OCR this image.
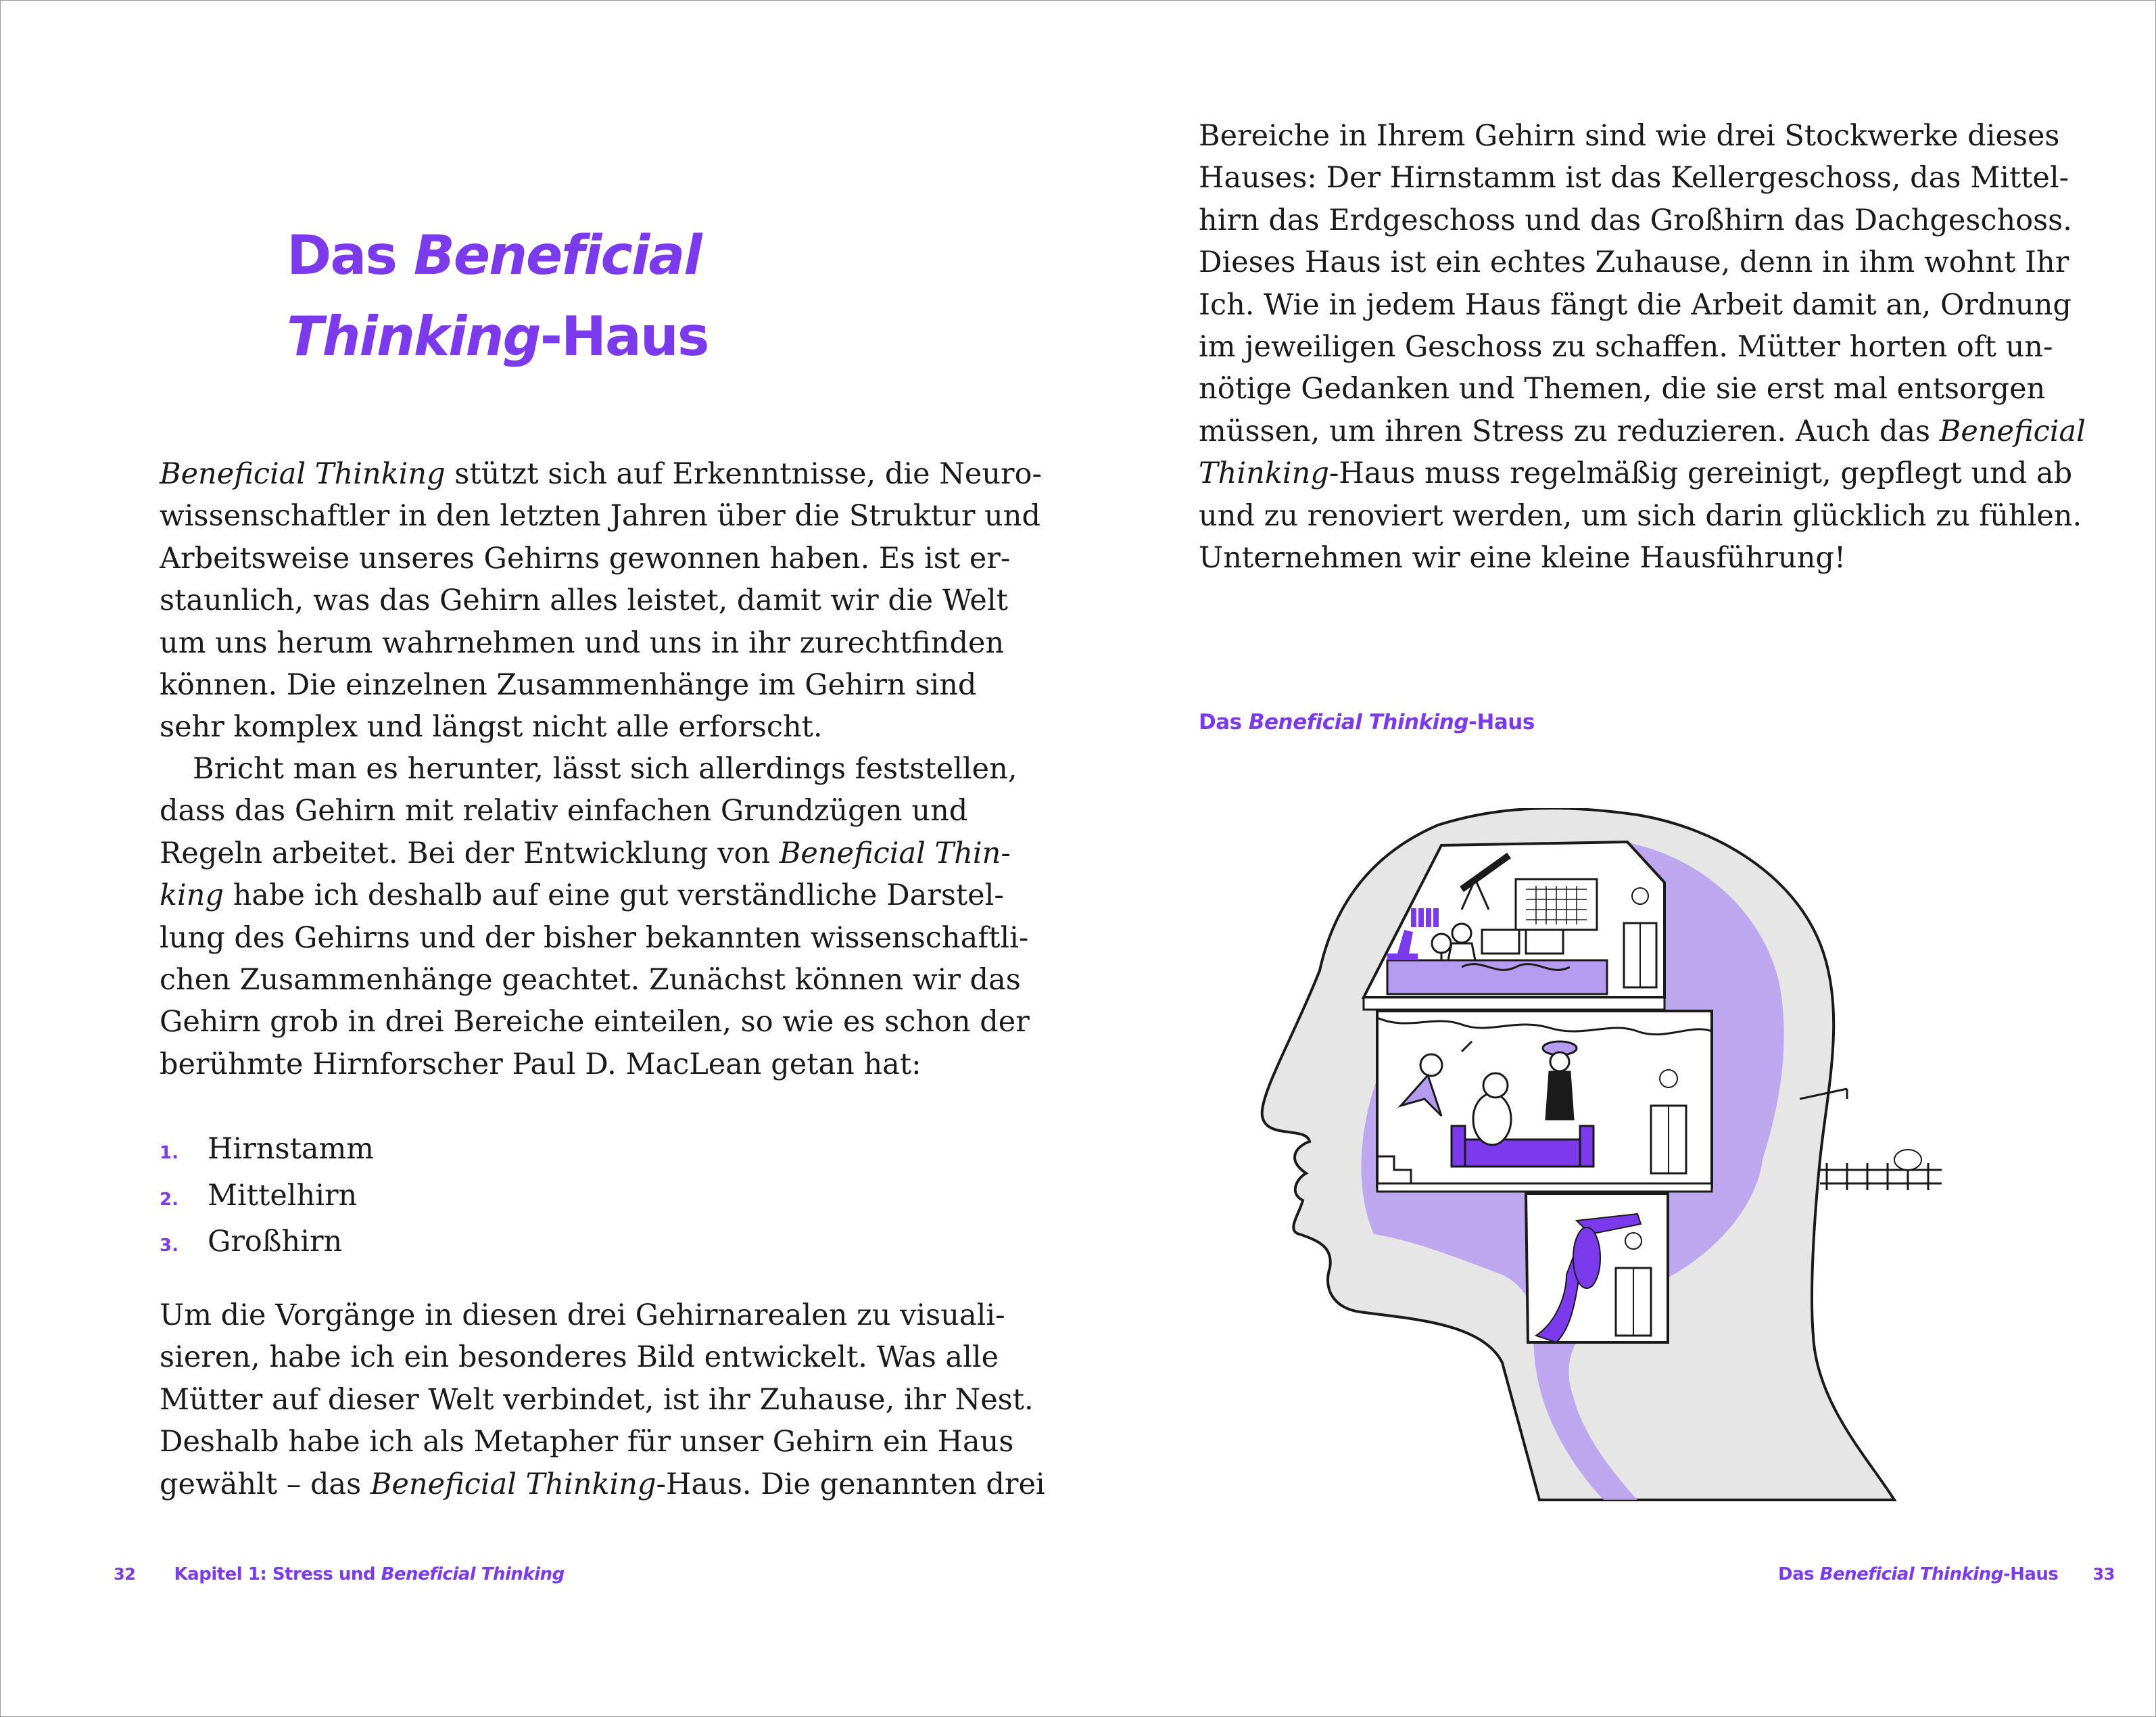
Das Beneficial
Thinking-Haus
Beneficial Thinking stützt sich auf Erkenntnisse, die Neuro-
wissenschaftler in den letzten Jahren über die Struktur und
Arbeitsweise unseres Gehirns gewonnen haben. Es ist er-
staunlich, was das Gehirn alles leistet, damit wir die Welt
um uns herum wahrnehmen und uns in ihr zurechtfinden
können. Die einzelnen Zusammenhänge im Gehirn sind
sehr komplex und längst nicht alle erforscht.
Bricht man es herunter, lässt sich allerdings feststellen,
dass das Gehirn mit relativ einfachen Grundzügen und
Regeln arbeitet. Bei der Entwicklung von Beneficial Thin-
king habe ich deshalb auf eine gut verständliche Darstel-
lung des Gehirns und der bisher bekannten wissenschaftli-
chen Zusammenhänge geachtet. Zunächst können wir das
Gehirn grob in drei Bereiche einteilen, so wie es schon der
berühmte Hirnforscher Paul D. MacLean getan hat:
1. Hirnstamm
2. Mittelhirn
3. Großhirn
Um die Vorgänge in diesen drei Gehirnarealen zu visuali-
sieren, habe ich ein besonderes Bild entwickelt. Was alle
Mütter auf dieser Welt verbindet, ist ihr Zuhause, ihr Nest.
Deshalb habe ich als Metapher für unser Gehirn ein Haus
gewählt – das Beneficial Thinking-Haus. Die genannten drei
32 Kapitel 1: Stress und Beneficial Thinking
Bereiche in Ihrem Gehirn sind wie drei Stockwerke dieses
Hauses: Der Hirnstamm ist das Kellergeschoss, das Mittel-
hirn das Erdgeschoss und das Großhirn das Dachgeschoss.
Dieses Haus ist ein echtes Zuhause, denn in ihm wohnt Ihr
Ich. Wie in jedem Haus fängt die Arbeit damit an, Ordnung
im jeweiligen Geschoss zu schaffen. Mütter horten oft un-
nötige Gedanken und Themen, die sie erst mal entsorgen
müssen, um ihren Stress zu reduzieren. Auch das Beneficial
Thinking-Haus muss regelmäßig gereinigt, gepflegt und ab
und zu renoviert werden, um sich darin glücklich zu fühlen.
Unternehmen wir eine kleine Hausführung!
Das Beneficial Thinking-Haus
Das Beneficial Thinking-Haus 33
